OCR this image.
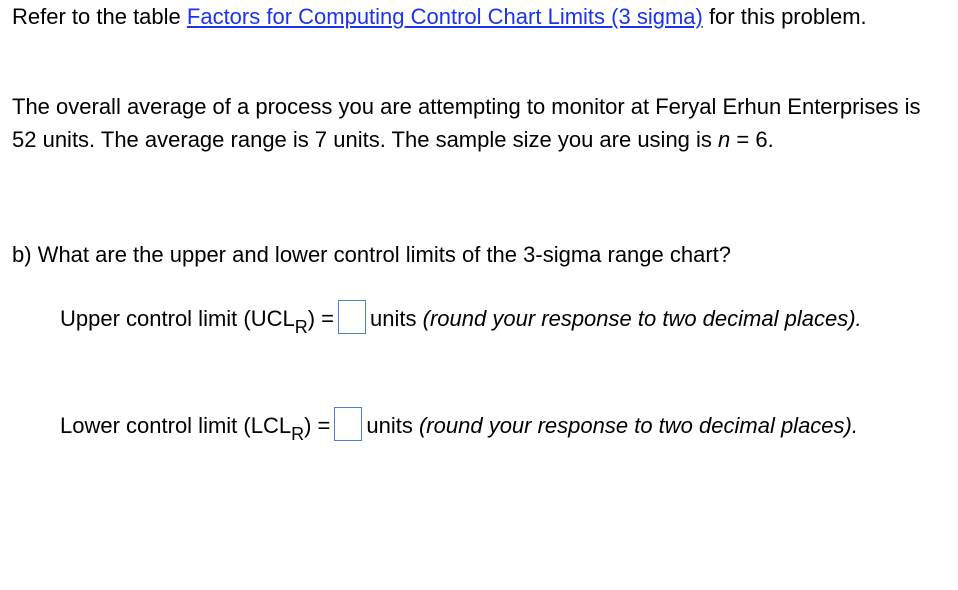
Refer to the table Factors for Computing Control Chart Limits (3 sigma) for this problem.

The overall average of a process you are attempting to monitor at Feryal Erhun Enterprises is 52 units. The average range is 7 units. The sample size you are using is n = 6.

b) What are the upper and lower control limits of the 3-sigma range chart?

Upper control limit $(UCL_R)$ = units (round your response to two decimal places).
Lower control limit $(LCL_R)$ = units (round your response to two decimal places).
